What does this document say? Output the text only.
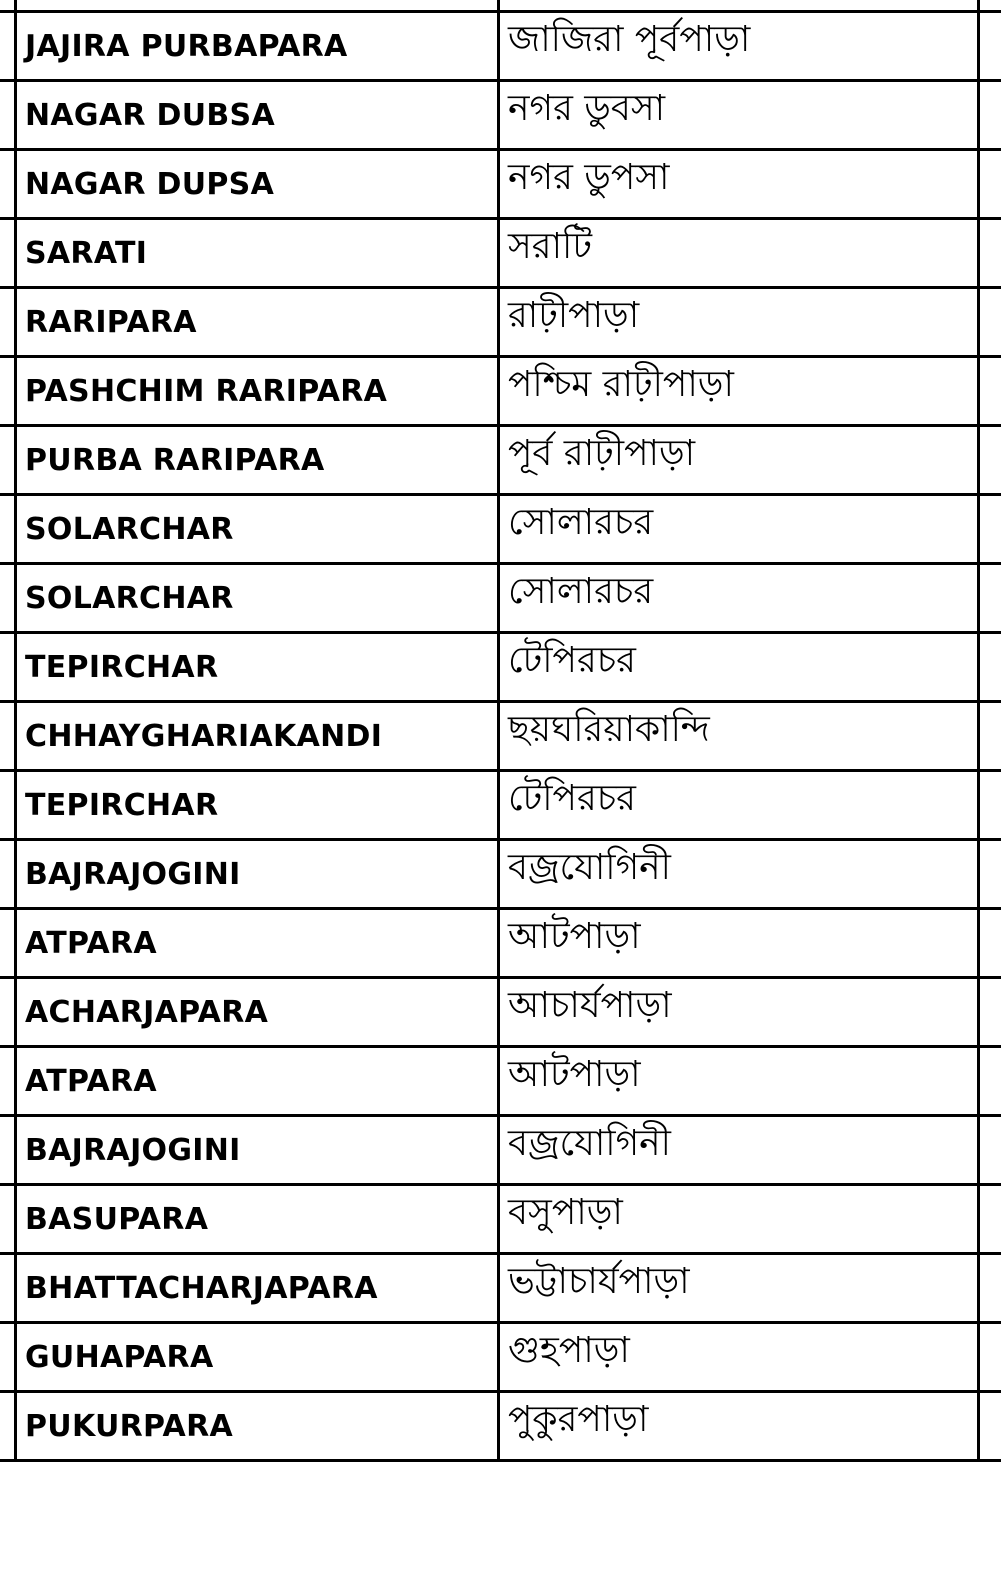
JAJIRA PURBAPARA	জাজিরা পূর্বপাড়া
NAGAR DUBSA	নগর ডুবসা
NAGAR DUPSA	নগর ডুপসা
SARATI	সরাটি
RARIPARA	রাঢ়ীপাড়া
PASHCHIM RARIPARA	পশ্চিম রাঢ়ীপাড়া
PURBA RARIPARA	পূর্ব রাঢ়ীপাড়া
SOLARCHAR	সোলারচর
SOLARCHAR	সোলারচর
TEPIRCHAR	টেপিরচর
CHHAYGHARIAKANDI	ছয়ঘরিয়াকান্দি
TEPIRCHAR	টেপিরচর
BAJRAJOGINI	বজ্রযোগিনী
ATPARA	আটপাড়া
ACHARJAPARA	আচার্যপাড়া
ATPARA	আটপাড়া
BAJRAJOGINI	বজ্রযোগিনী
BASUPARA	বসুপাড়া
BHATTACHARJAPARA	ভট্টাচার্যপাড়া
GUHAPARA	গুহপাড়া
PUKURPARA	পুকুরপাড়া
